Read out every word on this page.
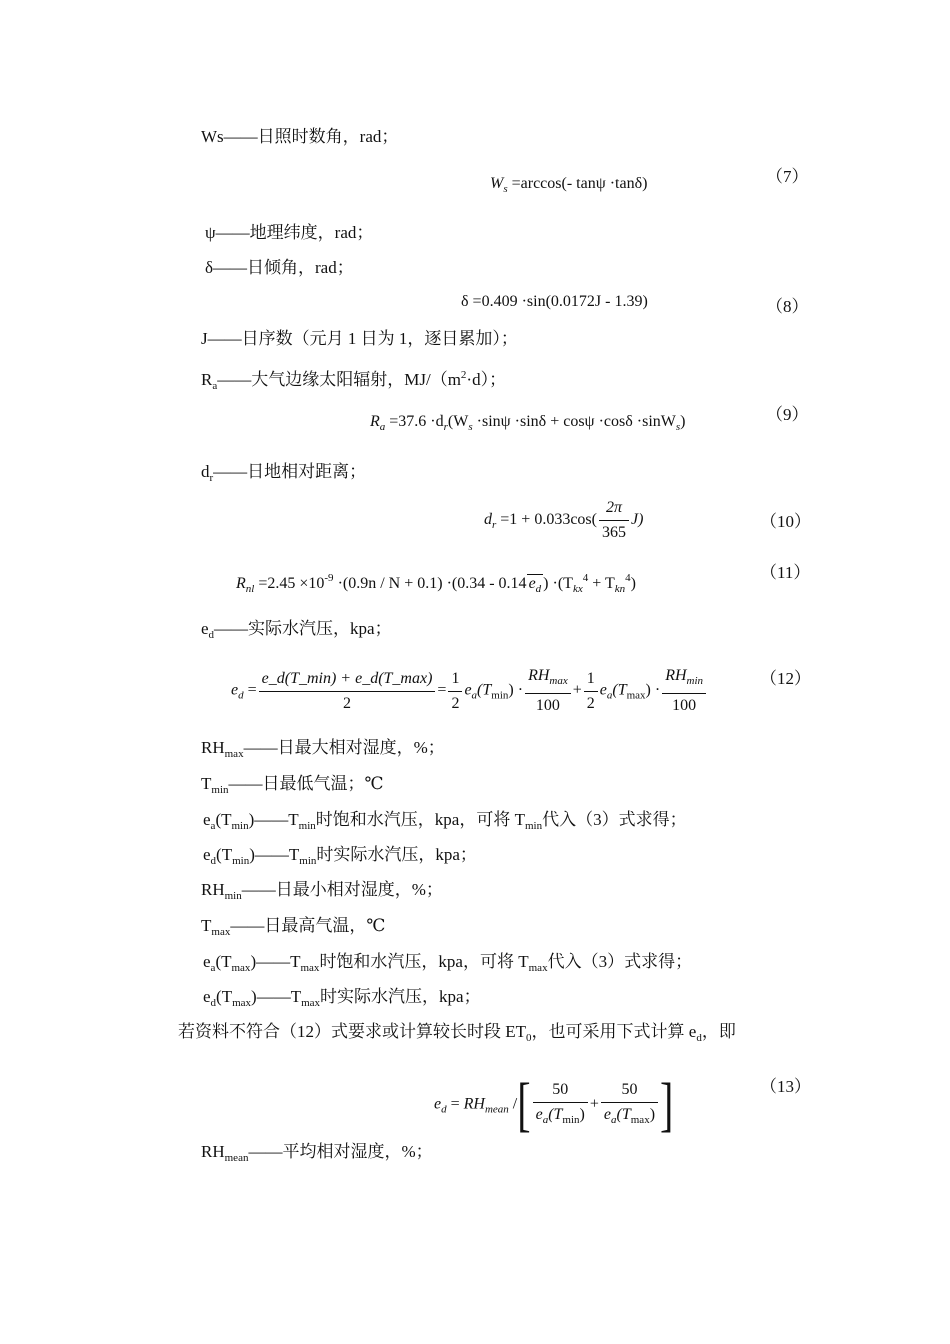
Ws——日照时数角，rad；
$W_s =\arccos(-$ tanψ ·tanδ)	（7）
ψ——地理纬度，rad；
δ——日倾角，rad；
δ =0.409 ·sin(0.0172J - 1.39)	（8）
J——日序数（元月 1 日为 1，逐日累加）；
$R_a——$大气边缘太阳辐射，$MJ/(m^2\cdot d)$；
$R_a =37.6 \cdot d_r(W_s \cdot\sin\psi \cdot\sin\delta + \cos\psi \cdot\cos\delta \cdot\sin W_s)$	（9）
$d_r——$日地相对距离；
$d_r =1 + 0.033\cos( \frac{2\pi}{365} J)$	（10）
$R_{nl} =2.45 \times 10^{-9} \cdot(0.9n / N + 0.1) \cdot(0.34 - 0.14$ $e_d$ ) $\cdot(T_{kx}^4 + T_{kn}^4)$
（11）
$e_d——$实际水汽压，kpa；
$e_d = \frac{e\_d(T\_\min) + e\_d(T\_\max)}{2} = \frac{1}{2} e_a(T_{min}) \cdot \frac{RH_{max}}{100} + \frac{1}{2} e_a(T_{max}) \cdot \frac{RH_{min}}{100}$	（12）
$RH_{max}——$日最大相对湿度，%；
$T_{min}——$日最低气温；℃
$e_a(T_{min})——T_{min}$时饱和水汽压，kpa，可将 $T_{min}$代入（3）式求得；
$e_d(T_{min})——T_{min}$时实际水汽压，kpa；
$RH_{min}——$日最小相对湿度，%；
$T_{max}——$日最高气温，℃
$e_a(T_{max})——T_{max}$时饱和水汽压，kpa，可将 $T_{max}$代入（3）式求得；
$e_d(T_{max})——T_{max}$时实际水汽压，kpa；
若资料不符合（12）式要求或计算较长时段 $ET_0$，也可采用下式计算 $e_d$，即
$e_d = RH_{mean}$ /[ $\frac{50}{e_a(T_{min})} + \frac{50}{e_a(T_{max})}$ ]	（13）
$RH_{mean}——$平均相对湿度，%；
